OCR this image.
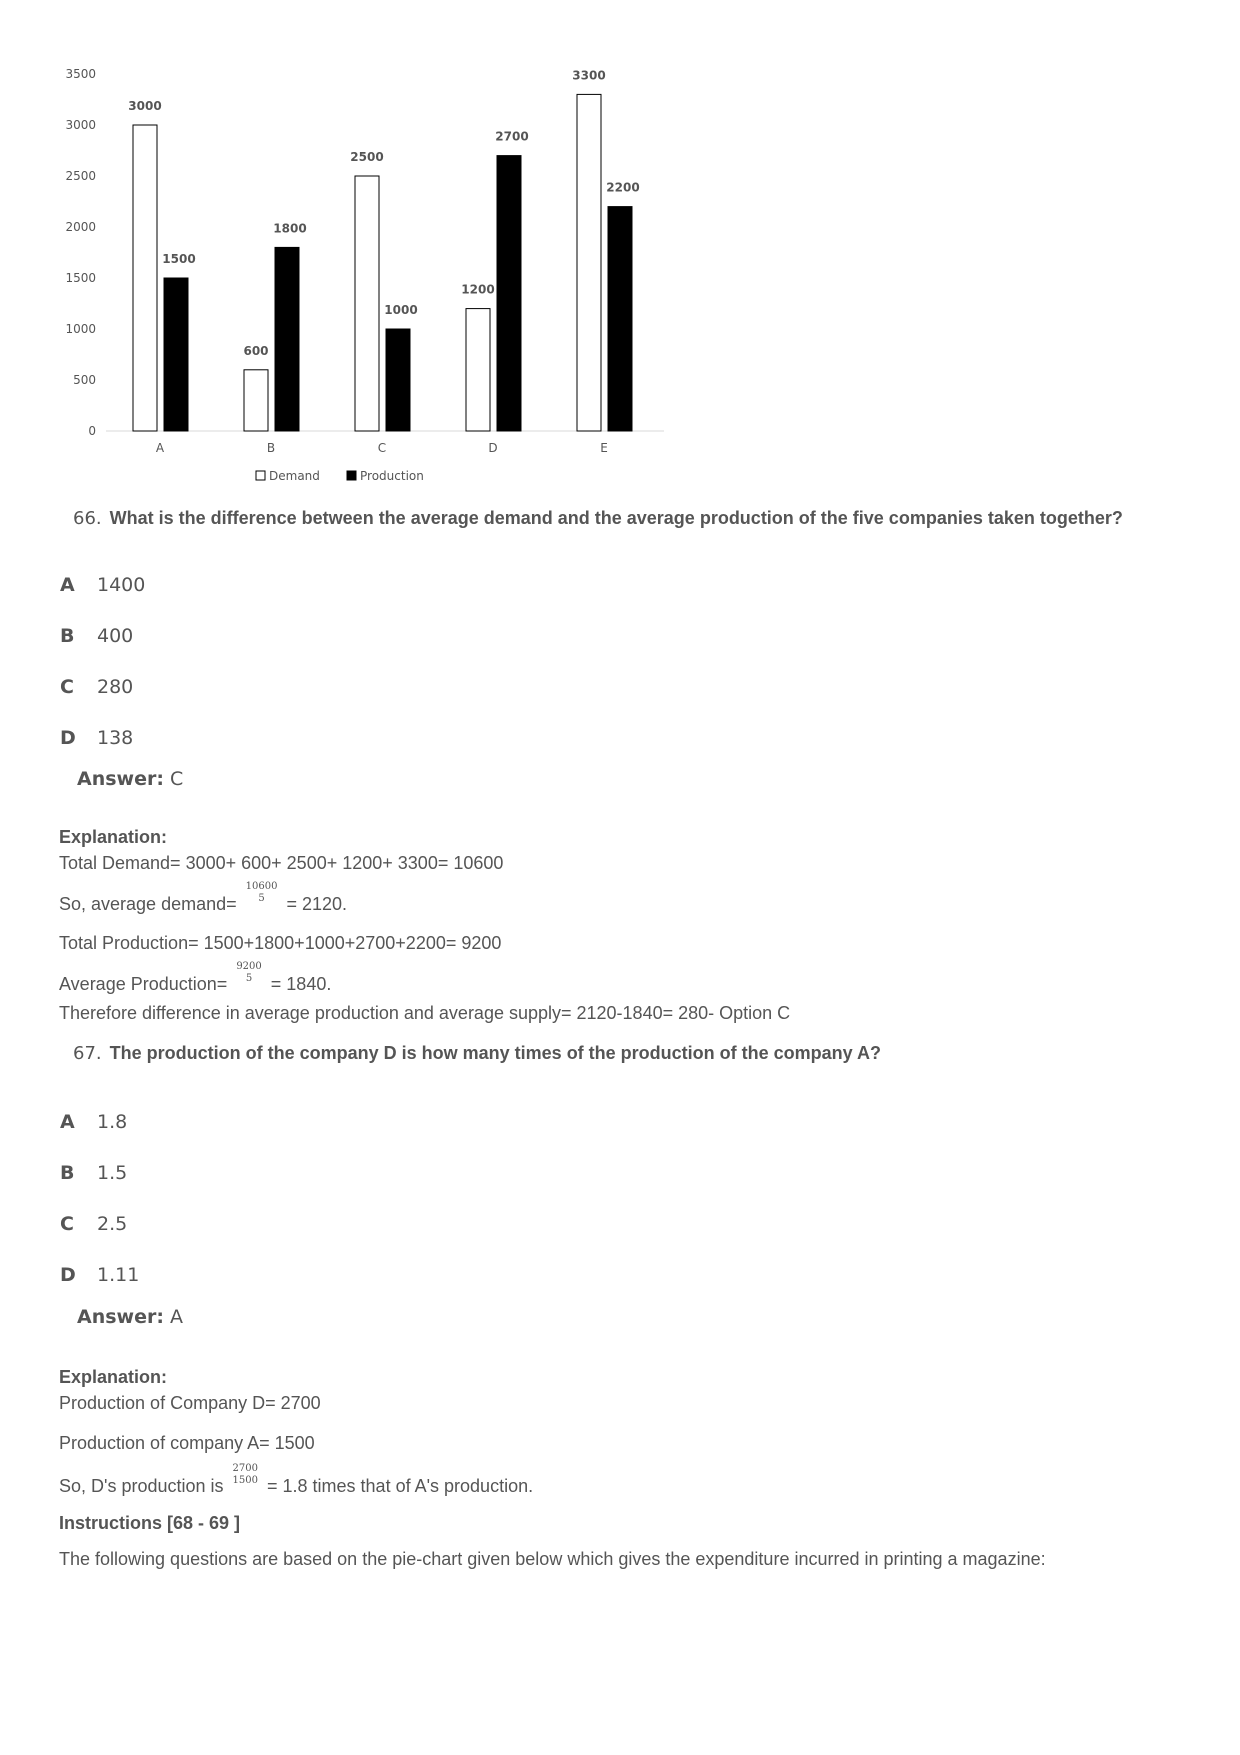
0
500
1000
1500
2000
2500
3000
3500
3000
1500
600
1800
2500
1000
1200
2700
3300
2200
A	B	C	D	E
Demand	Production
66. What is the difference between the average demand and the average production of the five companies taken together?
A 1400
B 400
C 280
D 138
Answer: C
Explanation:
Total Demand= 3000+ 600+ 2500+ 1200+ 3300= 10600
So, average demand=
10600
5	= 2120.
Total Production= 1500+1800+1000+2700+2200= 9200
Average Production=
9200
5	= 1840.
Therefore difference in average production and average supply= 2120-1840= 280- Option C
67. The production of the company D is how many times of the production of the company A?
A 1.8
B 1.5
C 2.5
D 1.11
Answer: A
Explanation:
Production of Company D= 2700
Production of company A= 1500
So, D's production is
2700
1500 = 1.8 times that of A's production.
Instructions [68 - 69 ]
The following questions are based on the pie-chart given below which gives the expenditure incurred in printing a magazine:
